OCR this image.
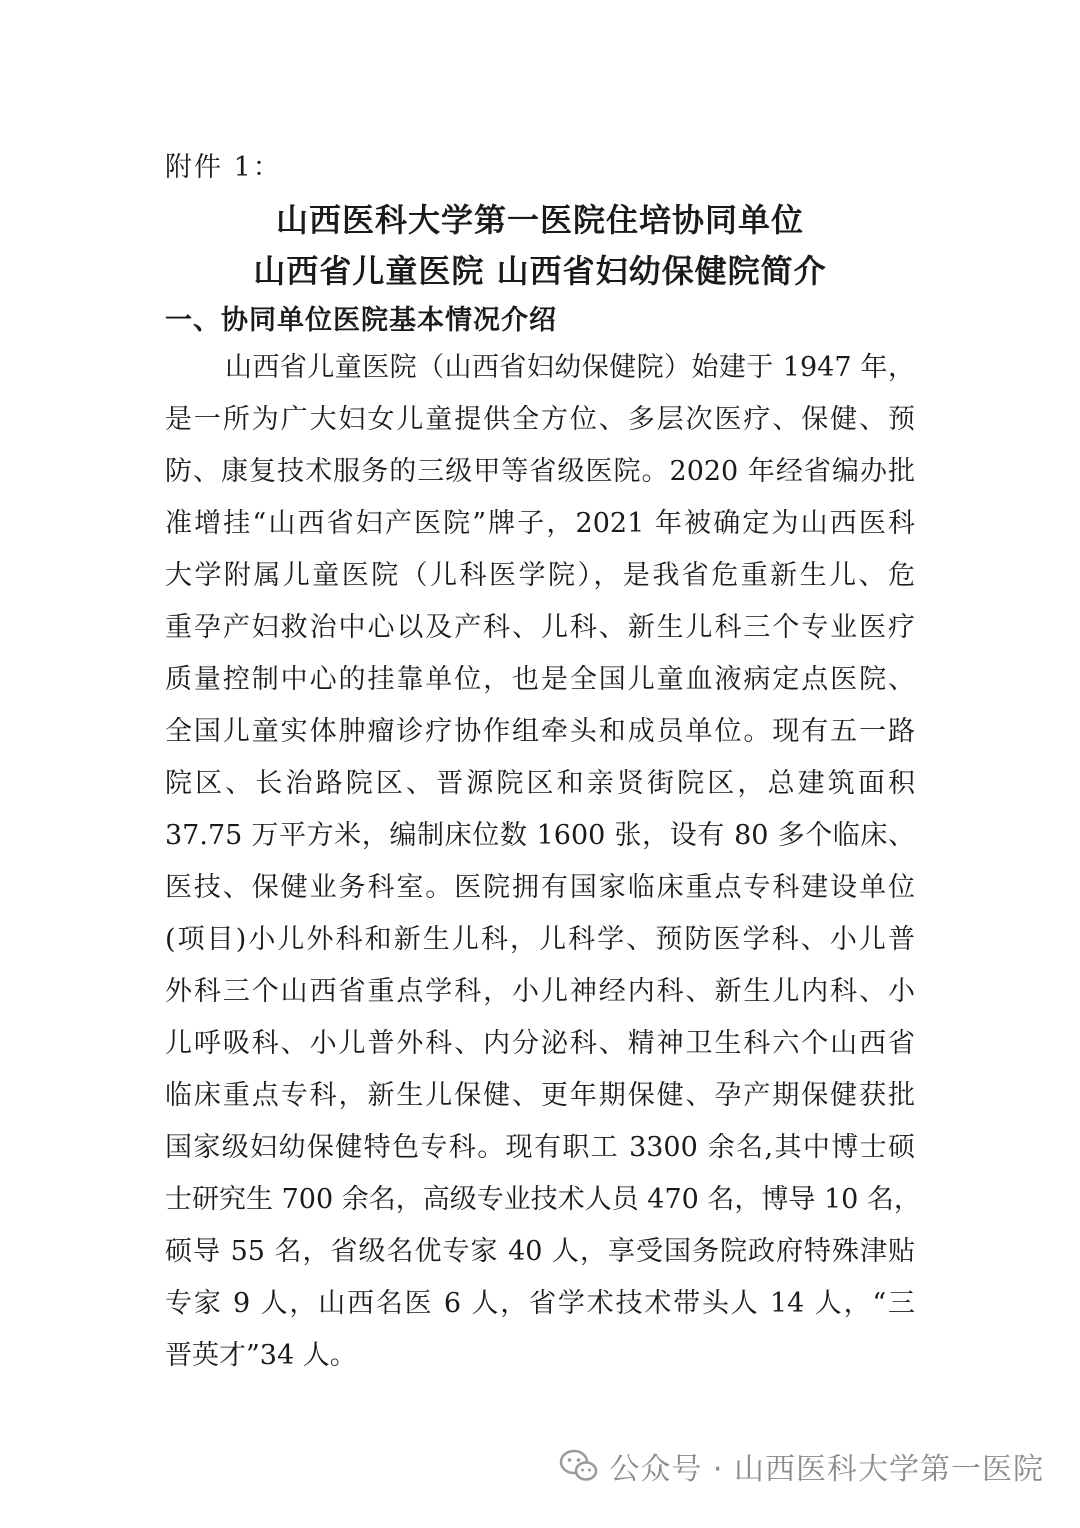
附件 1：
山西医科大学第一医院住培协同单位
山西省儿童医院 山西省妇幼保健院简介
一、协同单位医院基本情况介绍
山西省儿童医院（山西省妇幼保健院）始建于 1947 年，
是一所为广大妇女儿童提供全方位、多层次医疗、保健、预
防、康复技术服务的三级甲等省级医院。2020 年经省编办批
准增挂“山西省妇产医院”牌子，2021 年被确定为山西医科
大学附属儿童医院（儿科医学院），是我省危重新生儿、危
重孕产妇救治中心以及产科、儿科、新生儿科三个专业医疗
质量控制中心的挂靠单位，也是全国儿童血液病定点医院、
全国儿童实体肿瘤诊疗协作组牵头和成员单位。现有五一路
院区、长治路院区、晋源院区和亲贤街院区，总建筑面积
37.75 万平方米，编制床位数 1600 张，设有 80 多个临床、
医技、保健业务科室。医院拥有国家临床重点专科建设单位
(项目)小儿外科和新生儿科，儿科学、预防医学科、小儿普
外科三个山西省重点学科，小儿神经内科、新生儿内科、小
儿呼吸科、小儿普外科、内分泌科、精神卫生科六个山西省
临床重点专科，新生儿保健、更年期保健、孕产期保健获批
国家级妇幼保健特色专科。现有职工 3300 余名,其中博士硕
士研究生 700 余名，高级专业技术人员 470 名，博导 10 名，
硕导 55 名，省级名优专家 40 人，享受国务院政府特殊津贴
专家 9 人，山西名医 6 人，省学术技术带头人 14 人，“三
晋英才”34 人。
公众号 · 山西医科大学第一医院
